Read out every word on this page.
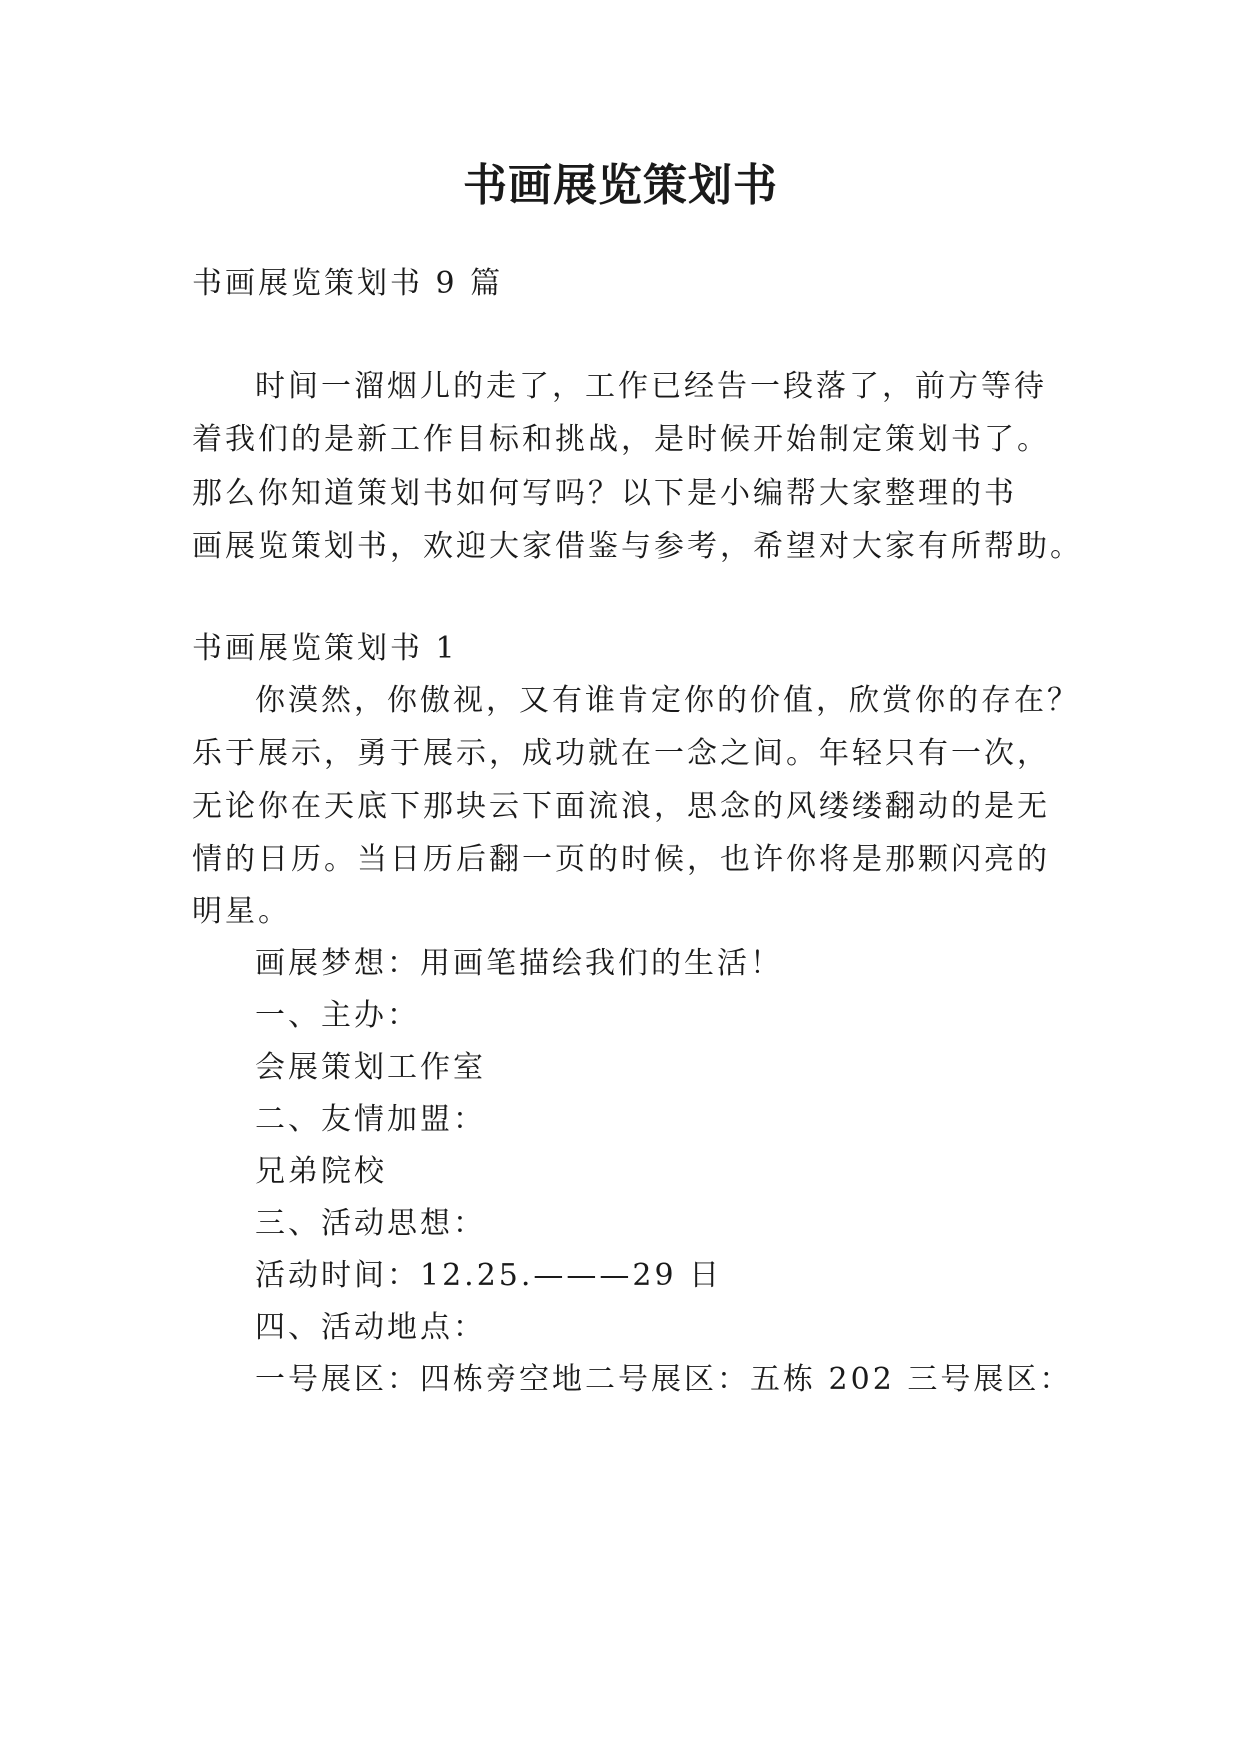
书画展览策划书
书画展览策划书 9 篇
时间一溜烟儿的走了，工作已经告一段落了，前方等待
着我们的是新工作目标和挑战，是时候开始制定策划书了。
那么你知道策划书如何写吗？以下是小编帮大家整理的书
画展览策划书，欢迎大家借鉴与参考，希望对大家有所帮助。
书画展览策划书 1
你漠然，你傲视，又有谁肯定你的价值，欣赏你的存在？
乐于展示，勇于展示，成功就在一念之间。年轻只有一次，
无论你在天底下那块云下面流浪，思念的风缕缕翻动的是无
情的日历。当日历后翻一页的时候，也许你将是那颗闪亮的
明星。
画展梦想：用画笔描绘我们的生活！
一、主办：
会展策划工作室
二、友情加盟：
兄弟院校
三、活动思想：
活动时间：12.25.———29 日
四、活动地点：
一号展区：四栋旁空地二号展区：五栋 202 三号展区：
